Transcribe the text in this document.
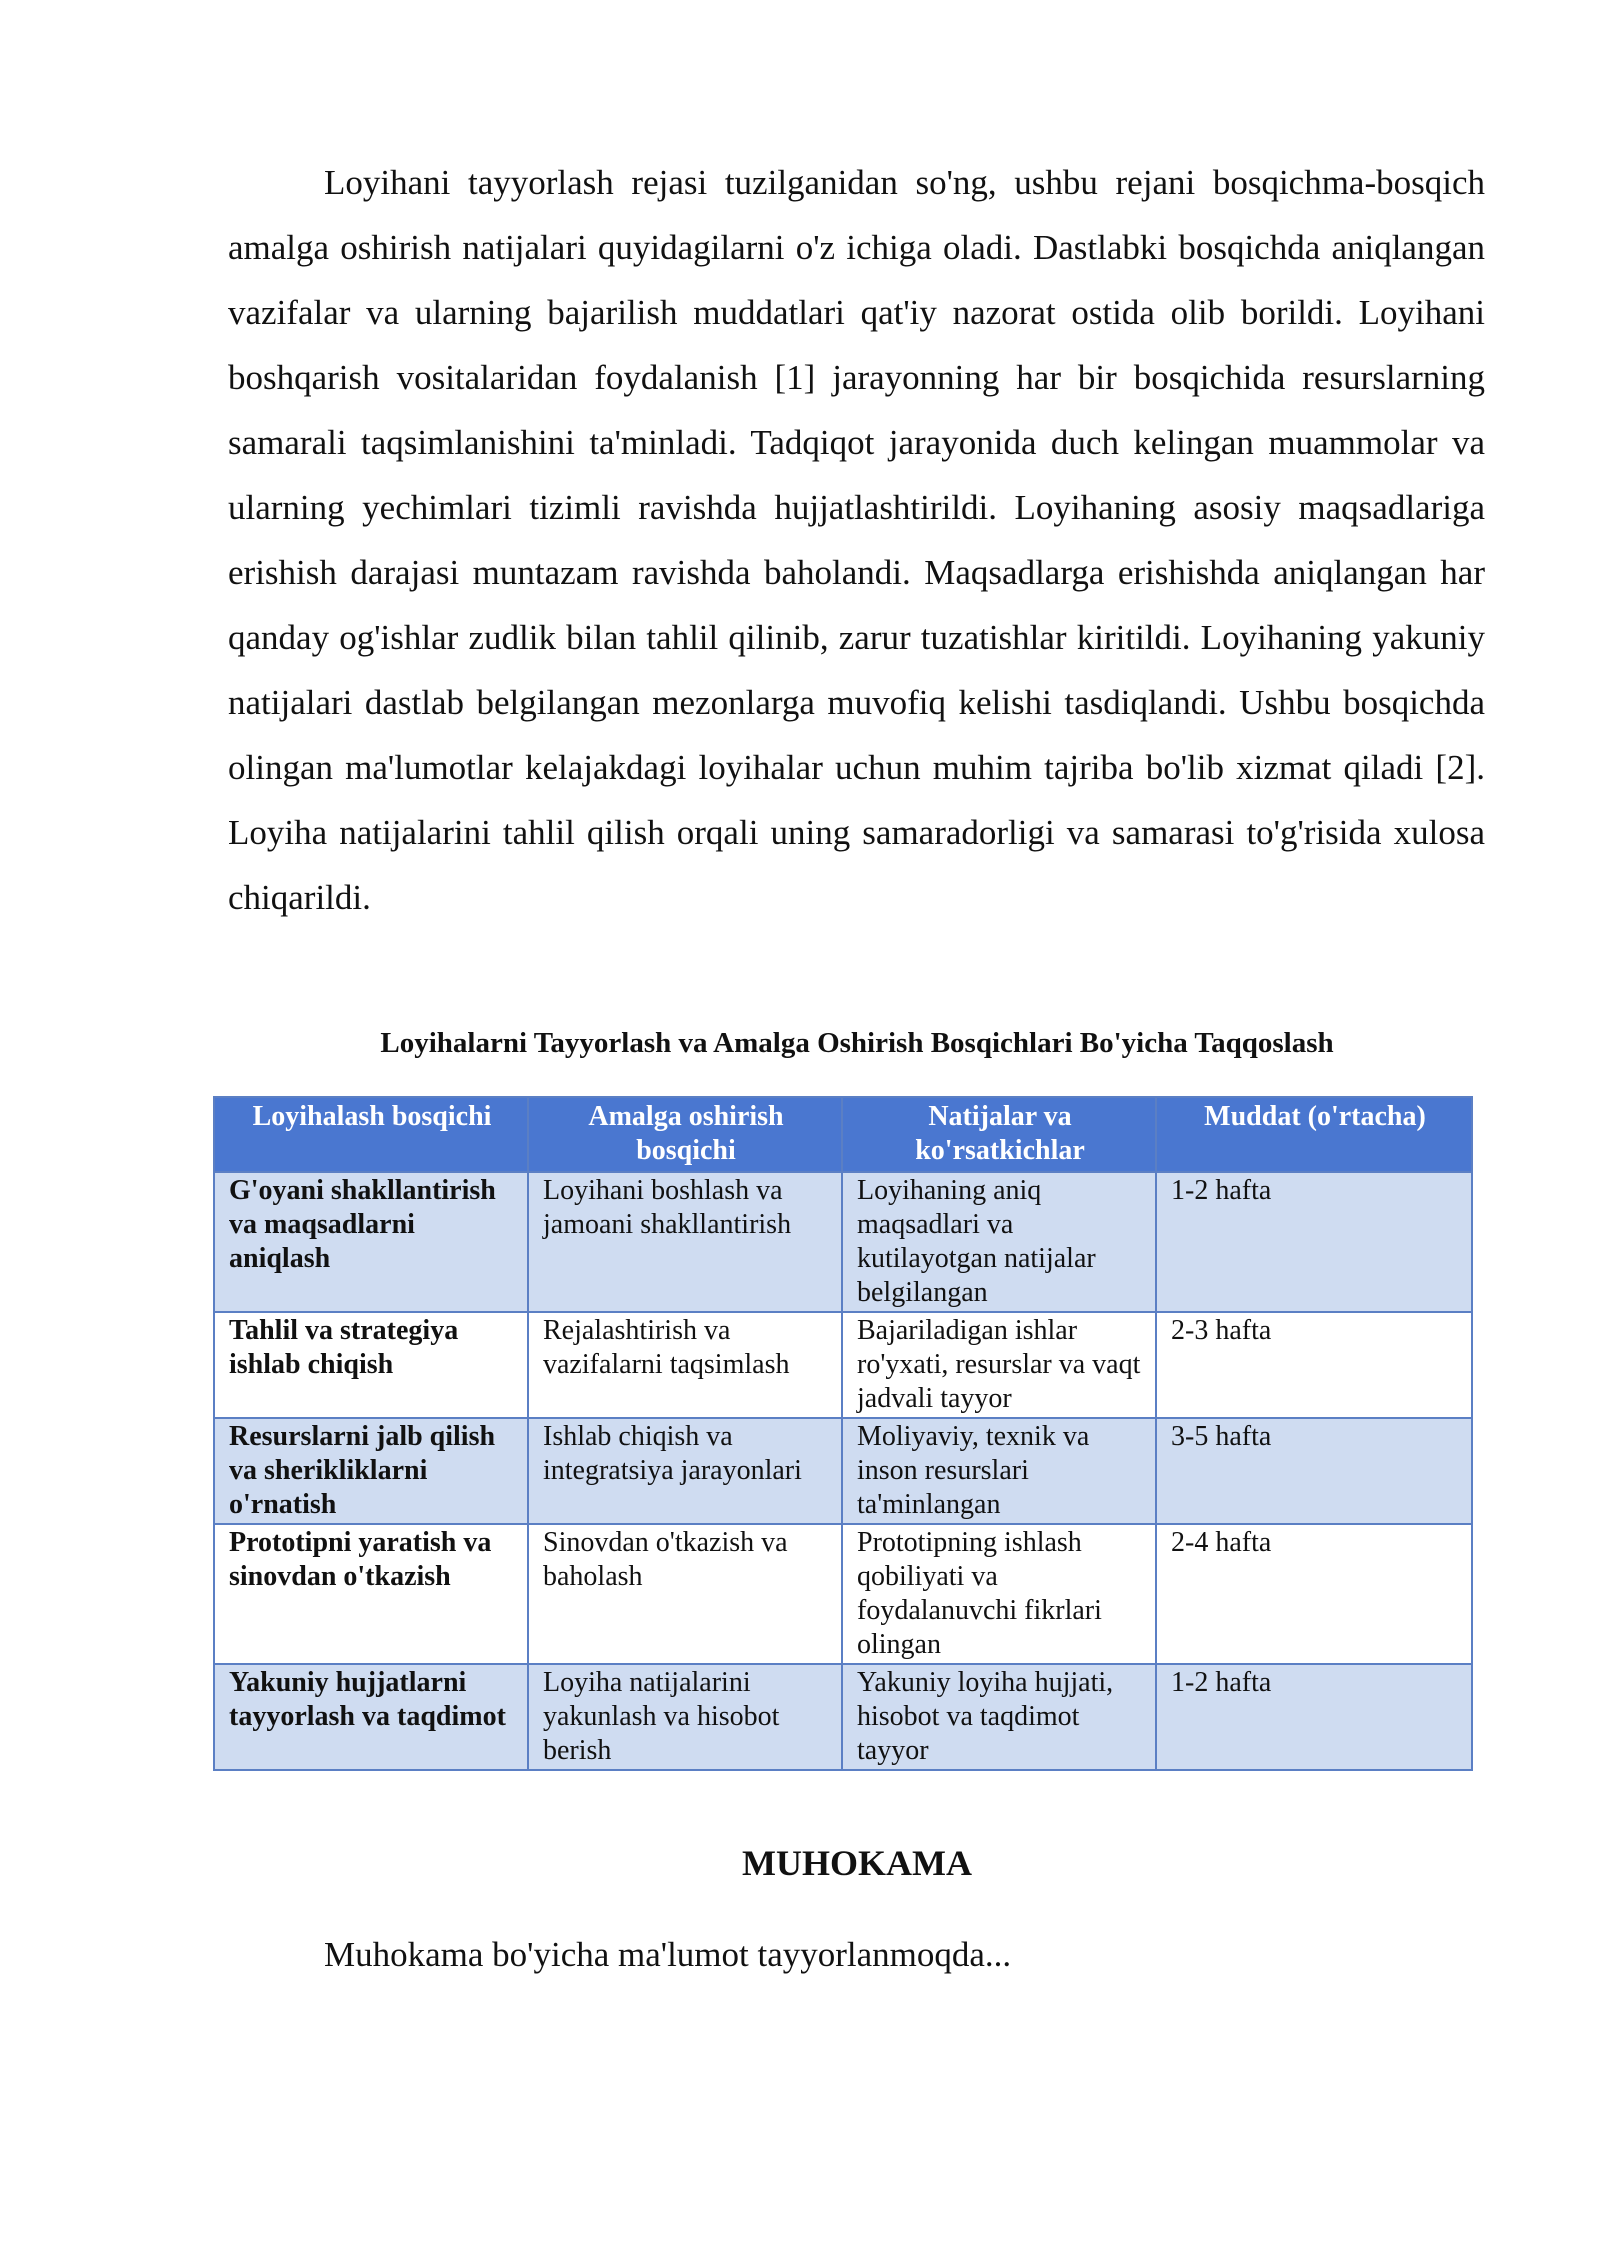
Loyihani tayyorlash rejasi tuzilganidan so'ng, ushbu rejani bosqichma-bosqich amalga oshirish natijalari quyidagilarni o'z ichiga oladi. Dastlabki bosqichda aniqlangan vazifalar va ularning bajarilish muddatlari qat'iy nazorat ostida olib borildi. Loyihani boshqarish vositalaridan foydalanish [1] jarayonning har bir bosqichida resurslarning samarali taqsimlanishini ta'minladi. Tadqiqot jarayonida duch kelingan muammolar va ularning yechimlari tizimli ravishda hujjatlashtirildi. Loyihaning asosiy maqsadlariga erishish darajasi muntazam ravishda baholandi. Maqsadlarga erishishda aniqlangan har qanday og'ishlar zudlik bilan tahlil qilinib, zarur tuzatishlar kiritildi. Loyihaning yakuniy natijalari dastlab belgilangan mezonlarga muvofiq kelishi tasdiqlandi. Ushbu bosqichda olingan ma'lumotlar kelajakdagi loyihalar uchun muhim tajriba bo'lib xizmat qiladi [2]. Loyiha natijalarini tahlil qilish orqali uning samaradorligi va samarasi to'g'risida xulosa chiqarildi.

Loyihalarni Tayyorlash va Amalga Oshirish Bosqichlari Bo'yicha Taqqoslash

Loyihalash bosqichi	Amalga oshirish bosqichi	Natijalar va ko'rsatkichlar	Muddat (o'rtacha)
G'oyani shakllantirish va maqsadlarni aniqlash	Loyihani boshlash va jamoani shakllantirish	Loyihaning aniq maqsadlari va kutilayotgan natijalar belgilangan	1-2 hafta
Tahlil va strategiya ishlab chiqish	Rejalashtirish va vazifalarni taqsimlash	Bajariladigan ishlar ro'yxati, resurslar va vaqt jadvali tayyor	2-3 hafta
Resurslarni jalb qilish va sherikliklarni o'rnatish	Ishlab chiqish va integratsiya jarayonlari	Moliyaviy, texnik va inson resurslari ta'minlangan	3-5 hafta
Prototipni yaratish va sinovdan o'tkazish	Sinovdan o'tkazish va baholash	Prototipning ishlash qobiliyati va foydalanuvchi fikrlari olingan	2-4 hafta
Yakuniy hujjatlarni tayyorlash va taqdimot	Loyiha natijalarini yakunlash va hisobot berish	Yakuniy loyiha hujjati, hisobot va taqdimot tayyor	1-2 hafta
MUHOKAMA

Muhokama bo'yicha ma'lumot tayyorlanmoqda...
